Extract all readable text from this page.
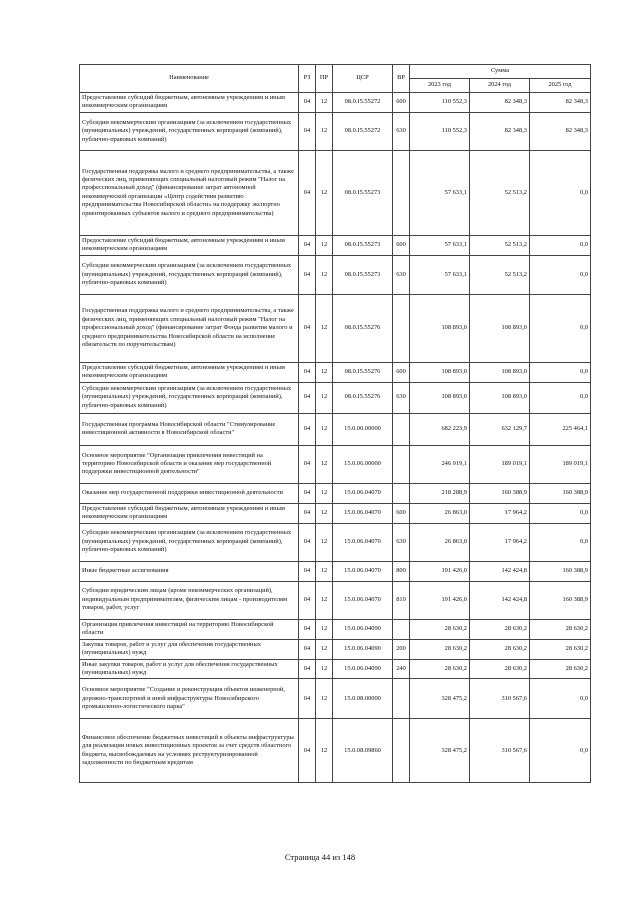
Наименование	РЗ	ПР	ЦСР	ВР	Сумма		
					2023 год	2024 год	2025 год
Предоставление субсидий бюджетным, автономным учреждениям и иным некоммерческим организациям	04	12	08.0.I5.55272	600	110 552,3	82 348,3	82 348,3
Субсидии некоммерческим организациям (за исключением государственных (муниципальных) учреждений, государственных корпораций (компаний), публично-правовых компаний)	04	12	08.0.I5.55272	630	110 552,3	82 348,3	82 348,3
Государственная поддержка малого и среднего предпринимательства, а также физических лиц, применяющих специальный налоговый режим "Налог на профессиональный доход" (финансирование затрат автономной некоммерческой организации «Центр содействия развитию предпринимательства Новосибирской области» на поддержку экспортно ориентированных субъектов малого и среднего предпринимательства)	04	12	08.0.I5.55273		57 633,1	52 513,2	0,0
Предоставление субсидий бюджетным, автономным учреждениям и иным некоммерческим организациям	04	12	08.0.I5.55273	600	57 633,1	52 513,2	0,0
Субсидии некоммерческим организациям (за исключением государственных (муниципальных) учреждений, государственных корпораций (компаний), публично-правовых компаний)	04	12	08.0.I5.55273	630	57 633,1	52 513,2	0,0
Государственная поддержка малого и среднего предпринимательства, а также физических лиц, применяющих специальный налоговый режим "Налог на профессиональный доход" (финансирование затрат Фонда развития малого и среднего предпринимательства Новосибирской области на исполнение обязательств по поручительствам)	04	12	08.0.I5.55276		108 893,0	108 893,0	0,0
Предоставление субсидий бюджетным, автономным учреждениям и иным некоммерческим организациям	04	12	08.0.I5.55276	600	108 893,0	108 893,0	0,0
Субсидии некоммерческим организациям (за исключением государственных (муниципальных) учреждений, государственных корпораций (компаний), публично-правовых компаний)	04	12	08.0.I5.55276	630	108 893,0	108 893,0	0,0
Государственная программа Новосибирской области "Стимулирование инвестиционной активности в Новосибирской области"	04	12	15.0.00.00000		682 223,9	632 129,7	225 464,1
Основное мероприятие "Организация привлечения инвестиций на территорию Новосибирской области и оказание мер государственной поддержки инвестиционной деятельности"	04	12	15.0.06.00000		246 919,1	189 019,1	189 019,1
Оказание мер государственной поддержки инвестиционной деятельности	04	12	15.0.06.04070		218 288,9	160 388,9	160 388,9
Предоставление субсидий бюджетным, автономным учреждениям и иным некоммерческим организациям	04	12	15.0.06.04070	600	26 863,0	17 964,2	0,0
Субсидии некоммерческим организациям (за исключением государственных (муниципальных) учреждений, государственных корпораций (компаний), публично-правовых компаний)	04	12	15.0.06.04070	630	26 863,0	17 964,2	0,0
Иные бюджетные ассигнования	04	12	15.0.06.04070	800	191 426,0	142 424,8	160 388,9
Субсидии юридическим лицам (кроме некоммерческих организаций), индивидуальным предпринимателям, физическим лицам - производителям товаров, работ, услуг	04	12	15.0.06.04070	810	191 426,0	142 424,8	160 388,9
Организация привлечения инвестиций на территорию Новосибирской области	04	12	15.0.06.04090		28 630,2	28 630,2	28 630,2
Закупка товаров, работ и услуг для обеспечения государственных (муниципальных) нужд	04	12	15.0.06.04090	200	28 630,2	28 630,2	28 630,2
Иные закупки товаров, работ и услуг для обеспечения государственных (муниципальных) нужд	04	12	15.0.06.04090	240	28 630,2	28 630,2	28 630,2
Основное мероприятие "Создание и реконструкция объектов инженерной, дорожно-транспортной и иной инфраструктуры Новосибирского промышленно-логистического парка"	04	12	15.0.08.00000		328 475,2	310 567,6	0,0
Финансовое обеспечение бюджетных инвестиций в объекты инфраструктуры для реализации новых инвестиционных проектов за счет средств областного бюджета, высвобождаемых на условиях реструктуризированной задолженности по бюджетным кредитам	04	12	15.0.08.09860		328 475,2	310 567,6	0,0
Страница 44 из 148
